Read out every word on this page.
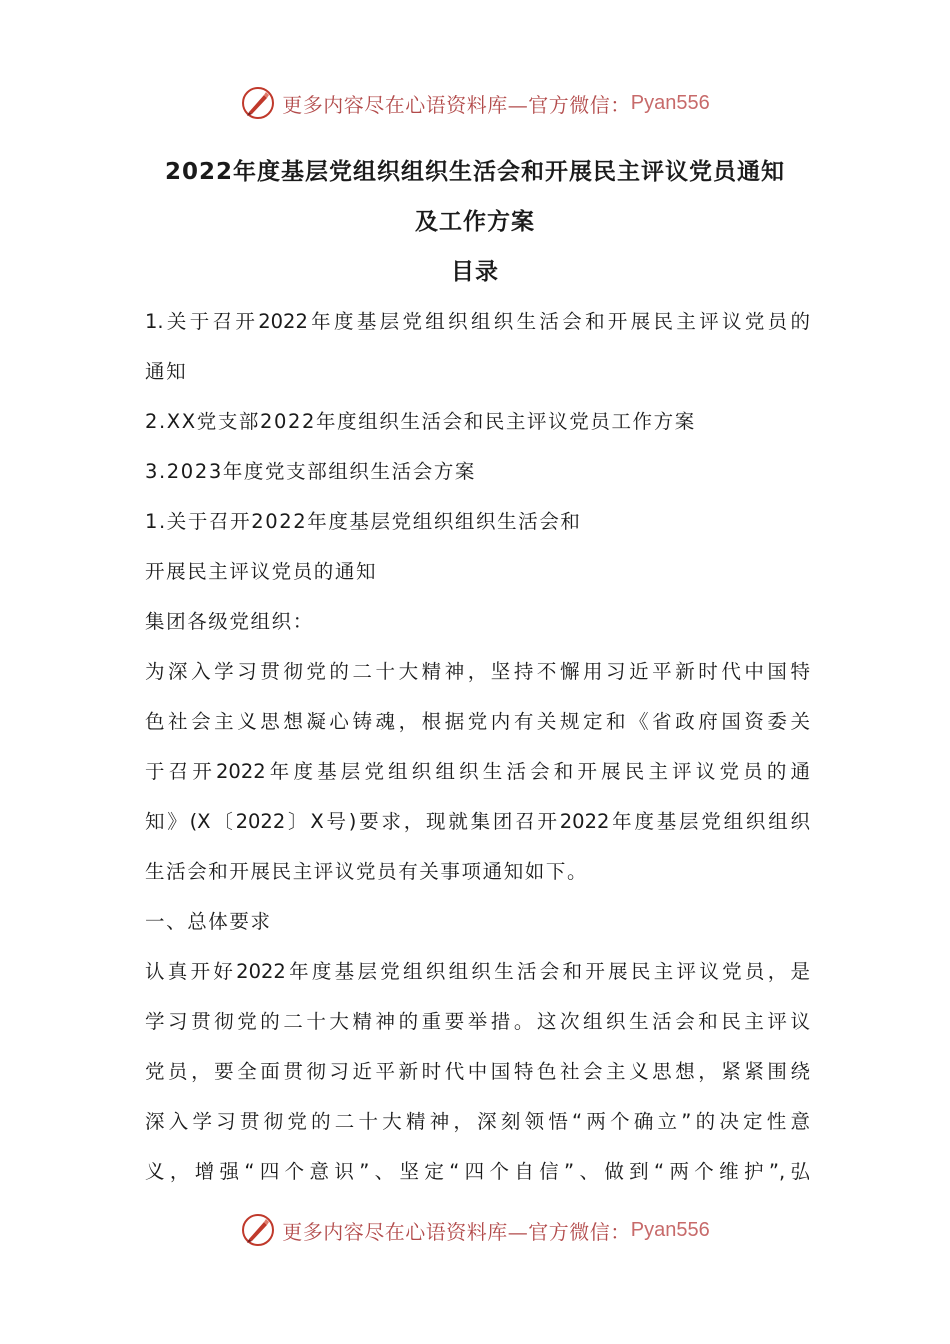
更多内容尽在心语资料库—官方微信： Pyan556
2022年度基层党组织组织生活会和开展民主评议党员通知
及工作方案
目录
1.关于召开2022年度基层党组织组织生活会和开展民主评议党员的
通知
2.XX党支部2022年度组织生活会和民主评议党员工作方案
3.2023年度党支部组织生活会方案
1.关于召开2022年度基层党组织组织生活会和
开展民主评议党员的通知
集团各级党组织：
为深入学习贯彻党的二十大精神，坚持不懈用习近平新时代中国特
色社会主义思想凝心铸魂，根据党内有关规定和《省政府国资委关
于召开2022年度基层党组织组织生活会和开展民主评议党员的通
知》(X〔2022〕X号)要求，现就集团召开2022年度基层党组织组织
生活会和开展民主评议党员有关事项通知如下。
一、总体要求
认真开好2022年度基层党组织组织生活会和开展民主评议党员，是
学习贯彻党的二十大精神的重要举措。这次组织生活会和民主评议
党员，要全面贯彻习近平新时代中国特色社会主义思想，紧紧围绕
深入学习贯彻党的二十大精神，深刻领悟“两个确立”的决定性意
义，增强“四个意识”、坚定“四个自信”、做到“两个维护”,弘
更多内容尽在心语资料库—官方微信： Pyan556
